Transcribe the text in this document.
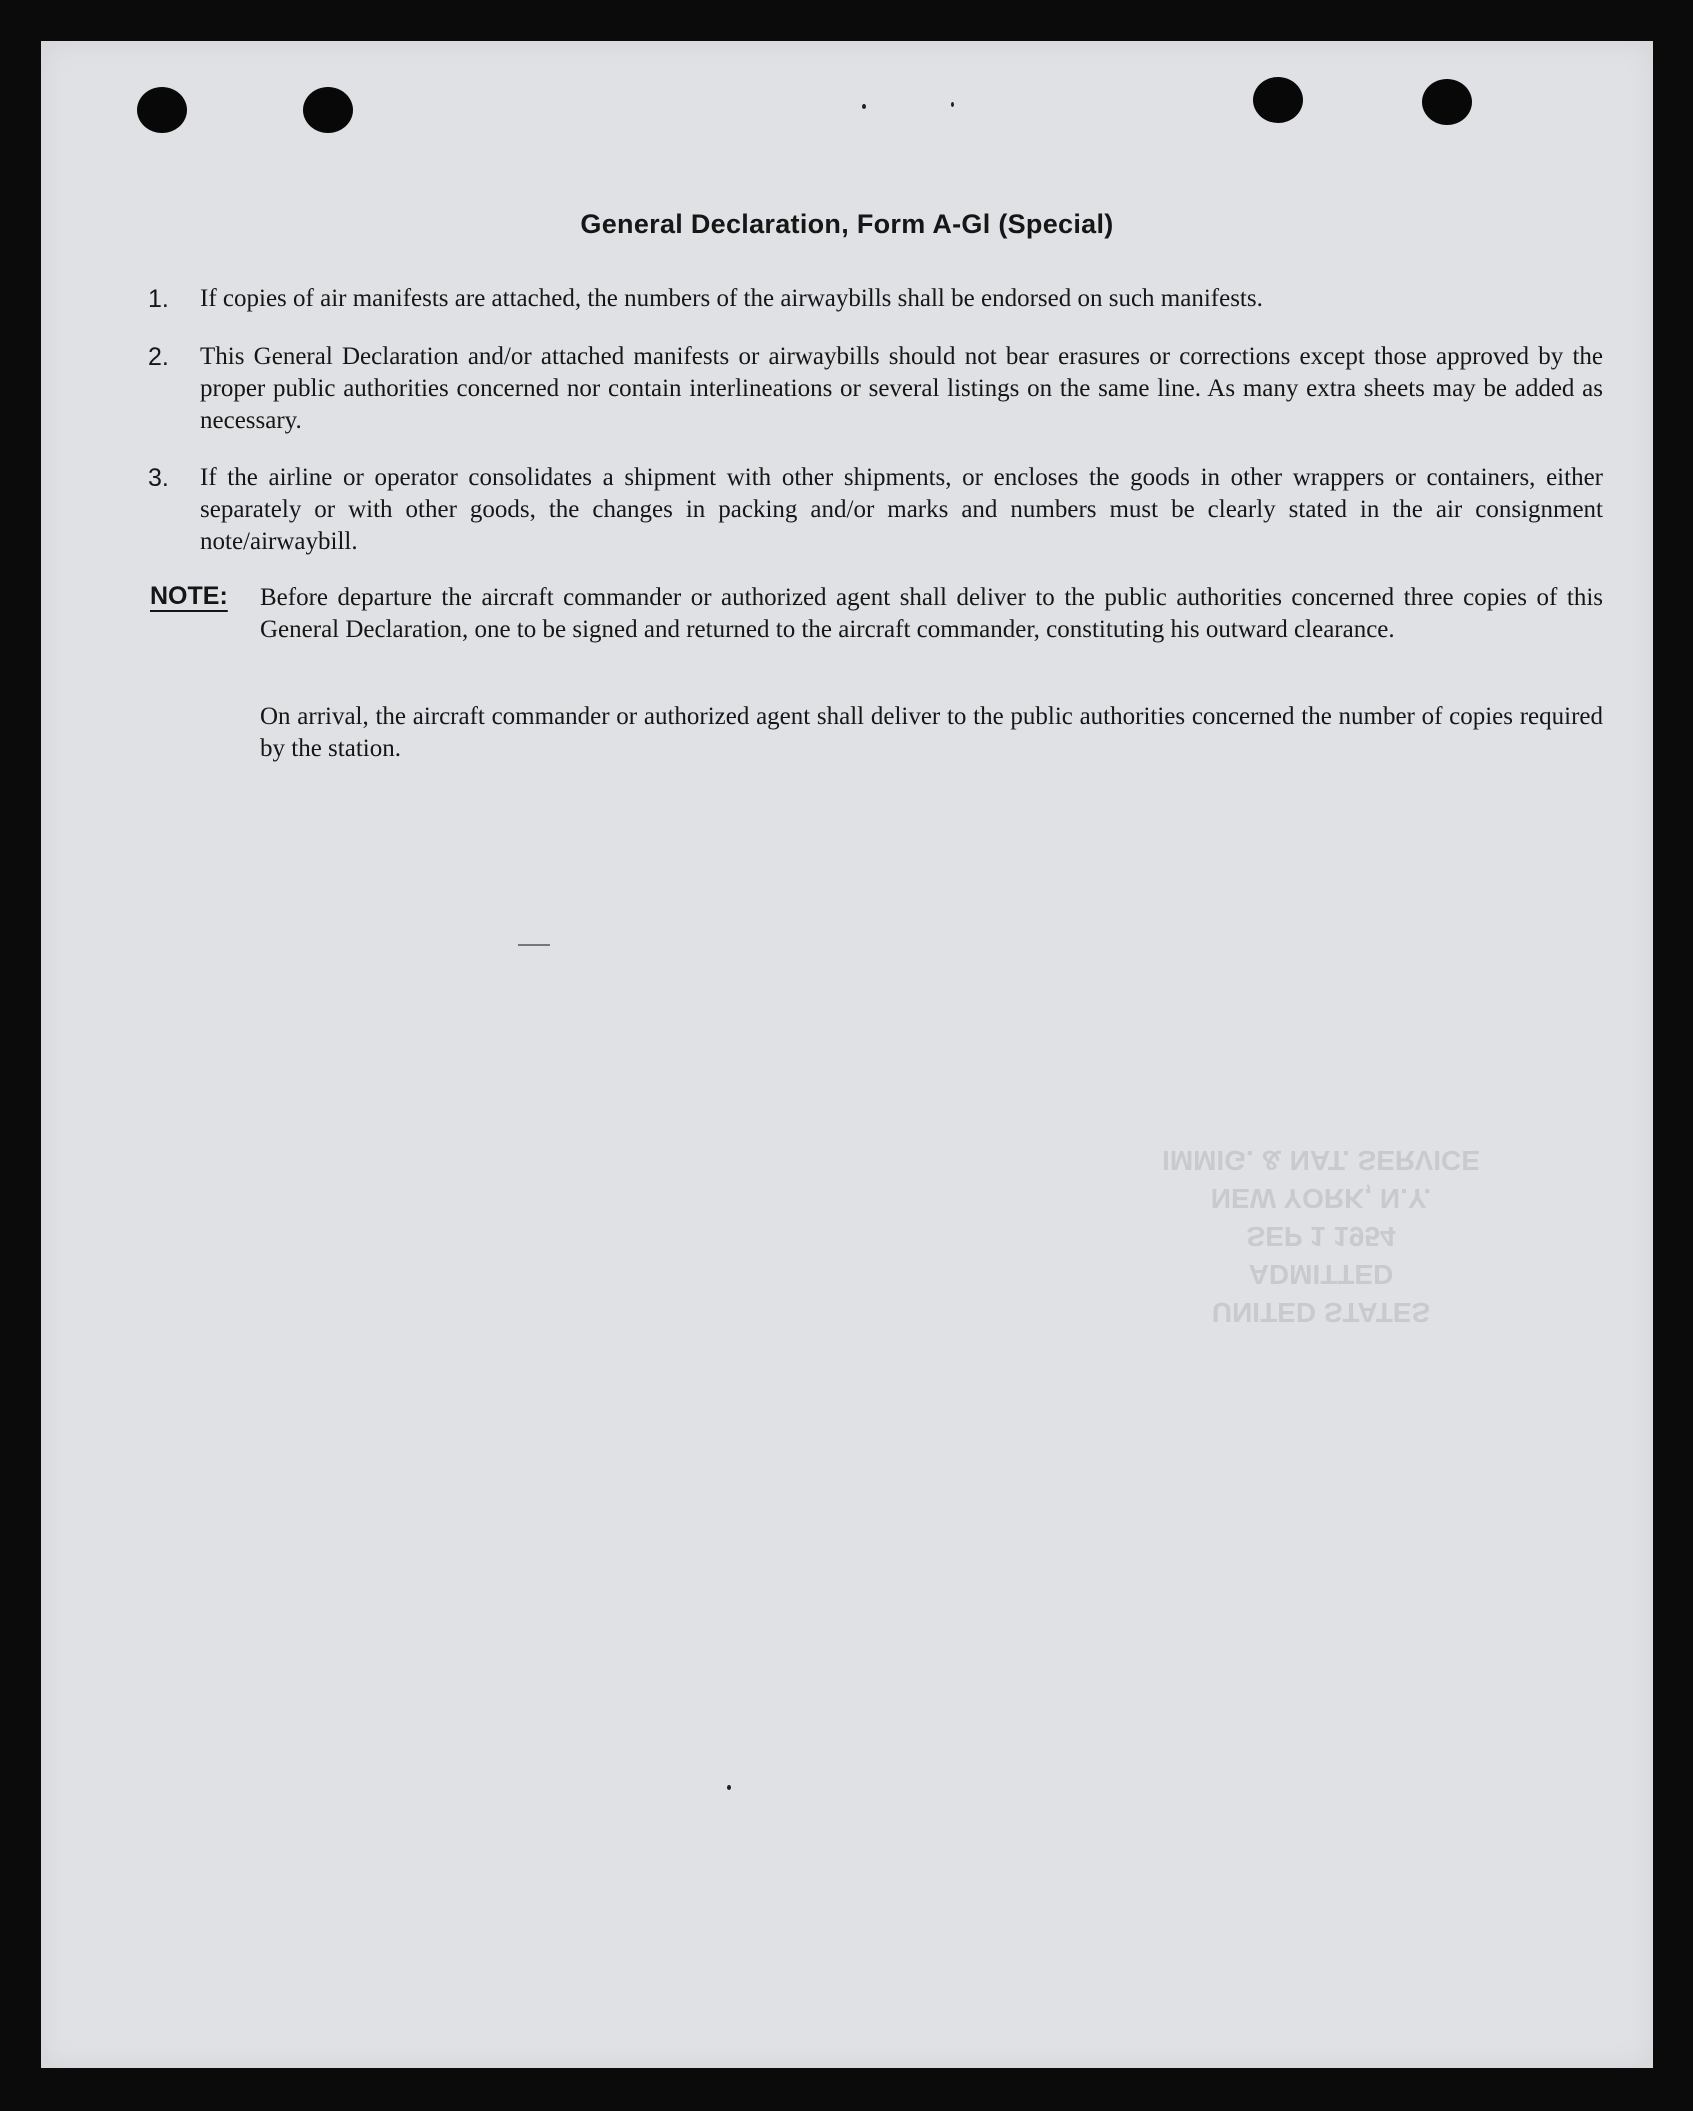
General Declaration, Form A-Gl (Special)
1. If copies of air manifests are attached, the numbers of the airwaybills shall be endorsed on such manifests.
2. This General Declaration and/or attached manifests or airwaybills should not bear erasures or corrections except those approved by the proper public authorities concerned nor contain interlineations or several listings on the same line. As many extra sheets may be added as necessary.
3. If the airline or operator consolidates a shipment with other shipments, or encloses the goods in other wrappers or containers, either separately or with other goods, the changes in packing and/or marks and numbers must be clearly stated in the air consignment note/airwaybill.
NOTE: Before departure the aircraft commander or authorized agent shall deliver to the public authorities concerned three copies of this General Declaration, one to be signed and returned to the aircraft commander, constituting his outward clearance.
On arrival, the aircraft commander or authorized agent shall deliver to the public authorities concerned the number of copies required by the station.
UNITED STATES
ADMITTED
SEP 1 1954
NEW YORK, N.Y.
IMMIG. & NAT. SERVICE
